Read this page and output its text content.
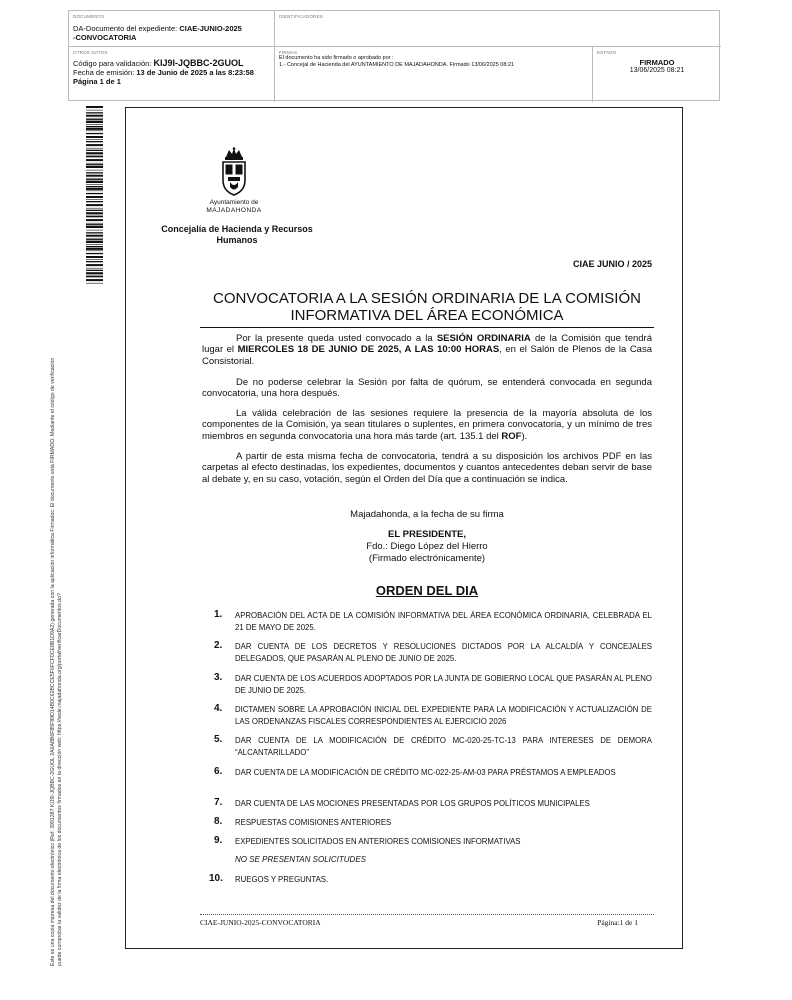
DOCUMENTO
DA-Documento del expediente: CIAE-JUNIO-2025
-CONVOCATORIA
IDENTIFICADORES
OTROS DATOS
Código para validación: KIJ9I-JQBBC-2GUOL
Fecha de emisión: 13 de Junio de 2025 a las 8:23:58
Página 1 de 1
FIRMAS
El documento ha sido firmado o aprobado por :
1.- Concejal de Hacienda del AYUNTAMIENTO DE MAJADAHONDA. Firmado 13/06/2025 08:21
ESTADO
FIRMADO
13/06/2025 08:21
Este es una copia impresa del documento electrónico (Ref: 3991287 KIJ9I-JQBBC-2GUOL 2A6A8B6F85F89D14B0C62BCCE5F6FCF0CE8B1D9A2) generada con la aplicación informática Firmadoc. El documento está FIRMADO. Mediante el código de verificación puede comprobar la validez de la firma electrónica de los documentos firmados en la dirección web: https://sede.majadahonda.org/portal/verificarDocumentos.do?
Ayuntamiento de
MAJADAHONDA
Concejalía de Hacienda y Recursos Humanos
CIAE JUNIO / 2025
CONVOCATORIA A LA SESIÓN ORDINARIA DE LA COMISIÓN INFORMATIVA DEL ÁREA ECONÓMICA
Por la presente queda usted convocado a la SESIÓN ORDINARIA de la Comisión que tendrá lugar el MIERCOLES 18 DE JUNIO DE 2025, A LAS 10:00 HORAS, en el Salón de Plenos de la Casa Consistorial.
De no poderse celebrar la Sesión por falta de quórum, se entenderá convocada en segunda convocatoria, una hora después.
La válida celebración de las sesiones requiere la presencia de la mayoría absoluta de los componentes de la Comisión, ya sean titulares o suplentes, en primera convocatoria, y un mínimo de tres miembros en segunda convocatoria una hora más tarde (art. 135.1 del ROF).
A partir de esta misma fecha de convocatoria, tendrá a su disposición los archivos PDF en las carpetas al efecto destinadas, los expedientes, documentos y cuantos antecedentes deban servir de base al debate y, en su caso, votación, según el Orden del Día que a continuación se indica.
Majadahonda, a la fecha de su firma
EL PRESIDENTE,
Fdo.: Diego López del Hierro
(Firmado electrónicamente)
ORDEN DEL DIA
1. APROBACIÓN DEL ACTA DE LA COMISIÓN INFORMATIVA DEL ÁREA ECONÓMICA ORDINARIA, CELEBRADA EL 21 DE MAYO DE 2025.
2. DAR CUENTA DE LOS DECRETOS Y RESOLUCIONES DICTADOS POR LA ALCALDÍA Y CONCEJALES DELEGADOS, QUE PASARÁN AL PLENO DE JUNIO DE 2025.
3. DAR CUENTA DE LOS ACUERDOS ADOPTADOS POR LA JUNTA DE GOBIERNO LOCAL QUE PASARÁN AL PLENO DE JUNIO DE 2025.
4. DICTAMEN SOBRE LA APROBACIÓN INICIAL DEL EXPEDIENTE PARA LA MODIFICACIÓN Y ACTUALIZACIÓN DE LAS ORDENANZAS FISCALES CORRESPONDIENTES AL EJERCICIO 2026
5. DAR CUENTA DE LA MODIFICACIÓN DE CRÉDITO MC-020-25-TC-13 PARA INTERESES DE DEMORA “ALCANTARILLADO”
6. DAR CUENTA DE LA MODIFICACIÓN DE CRÉDITO MC-022-25-AM-03 PARA PRÉSTAMOS A EMPLEADOS
7. DAR CUENTA DE LAS MOCIONES PRESENTADAS POR LOS GRUPOS POLÍTICOS MUNICIPALES
8. RESPUESTAS COMISIONES ANTERIORES
9. EXPEDIENTES SOLICITADOS EN ANTERIORES COMISIONES INFORMATIVAS
NO SE PRESENTAN SOLICITUDES
10. RUEGOS Y PREGUNTAS.
CIAE-JUNIO-2025-CONVOCATORIA	Página:1 de 1
